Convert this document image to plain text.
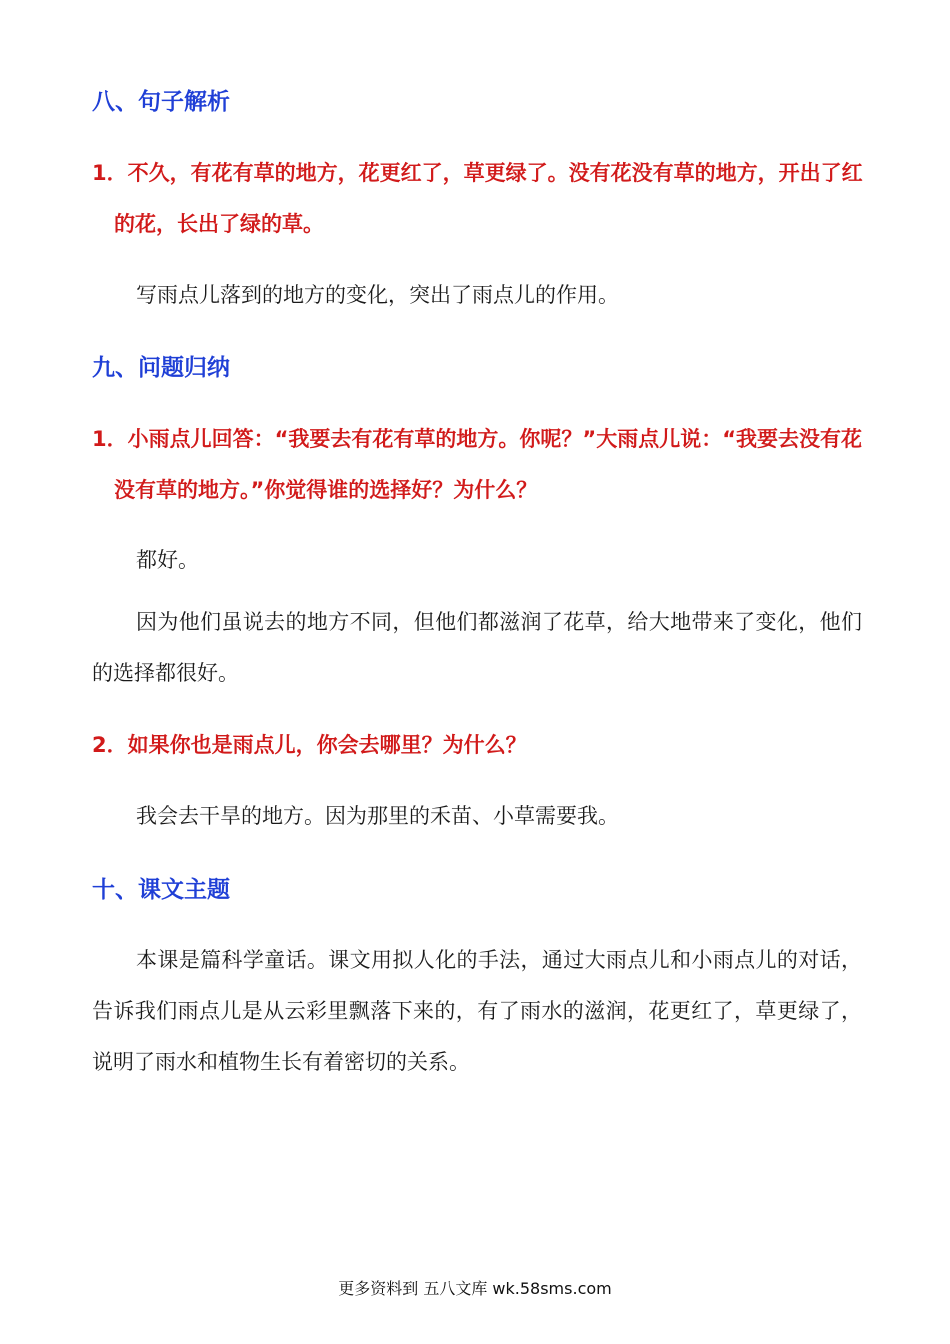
八、句子解析
1．不久，有花有草的地方，花更红了，草更绿了。没有花没有草的地方，开出了红的花，长出了绿的草。
写雨点儿落到的地方的变化，突出了雨点儿的作用。
九、问题归纳
1．小雨点儿回答：“我要去有花有草的地方。你呢？”大雨点儿说：“我要去没有花没有草的地方。”你觉得谁的选择好？为什么？
都好。
因为他们虽说去的地方不同，但他们都滋润了花草，给大地带来了变化，他们的选择都很好。
2．如果你也是雨点儿，你会去哪里？为什么？
我会去干旱的地方。因为那里的禾苗、小草需要我。
十、课文主题
本课是篇科学童话。课文用拟人化的手法，通过大雨点儿和小雨点儿的对话，告诉我们雨点儿是从云彩里飘落下来的，有了雨水的滋润，花更红了，草更绿了，说明了雨水和植物生长有着密切的关系。
更多资料到 五八文库 wk.58sms.com
